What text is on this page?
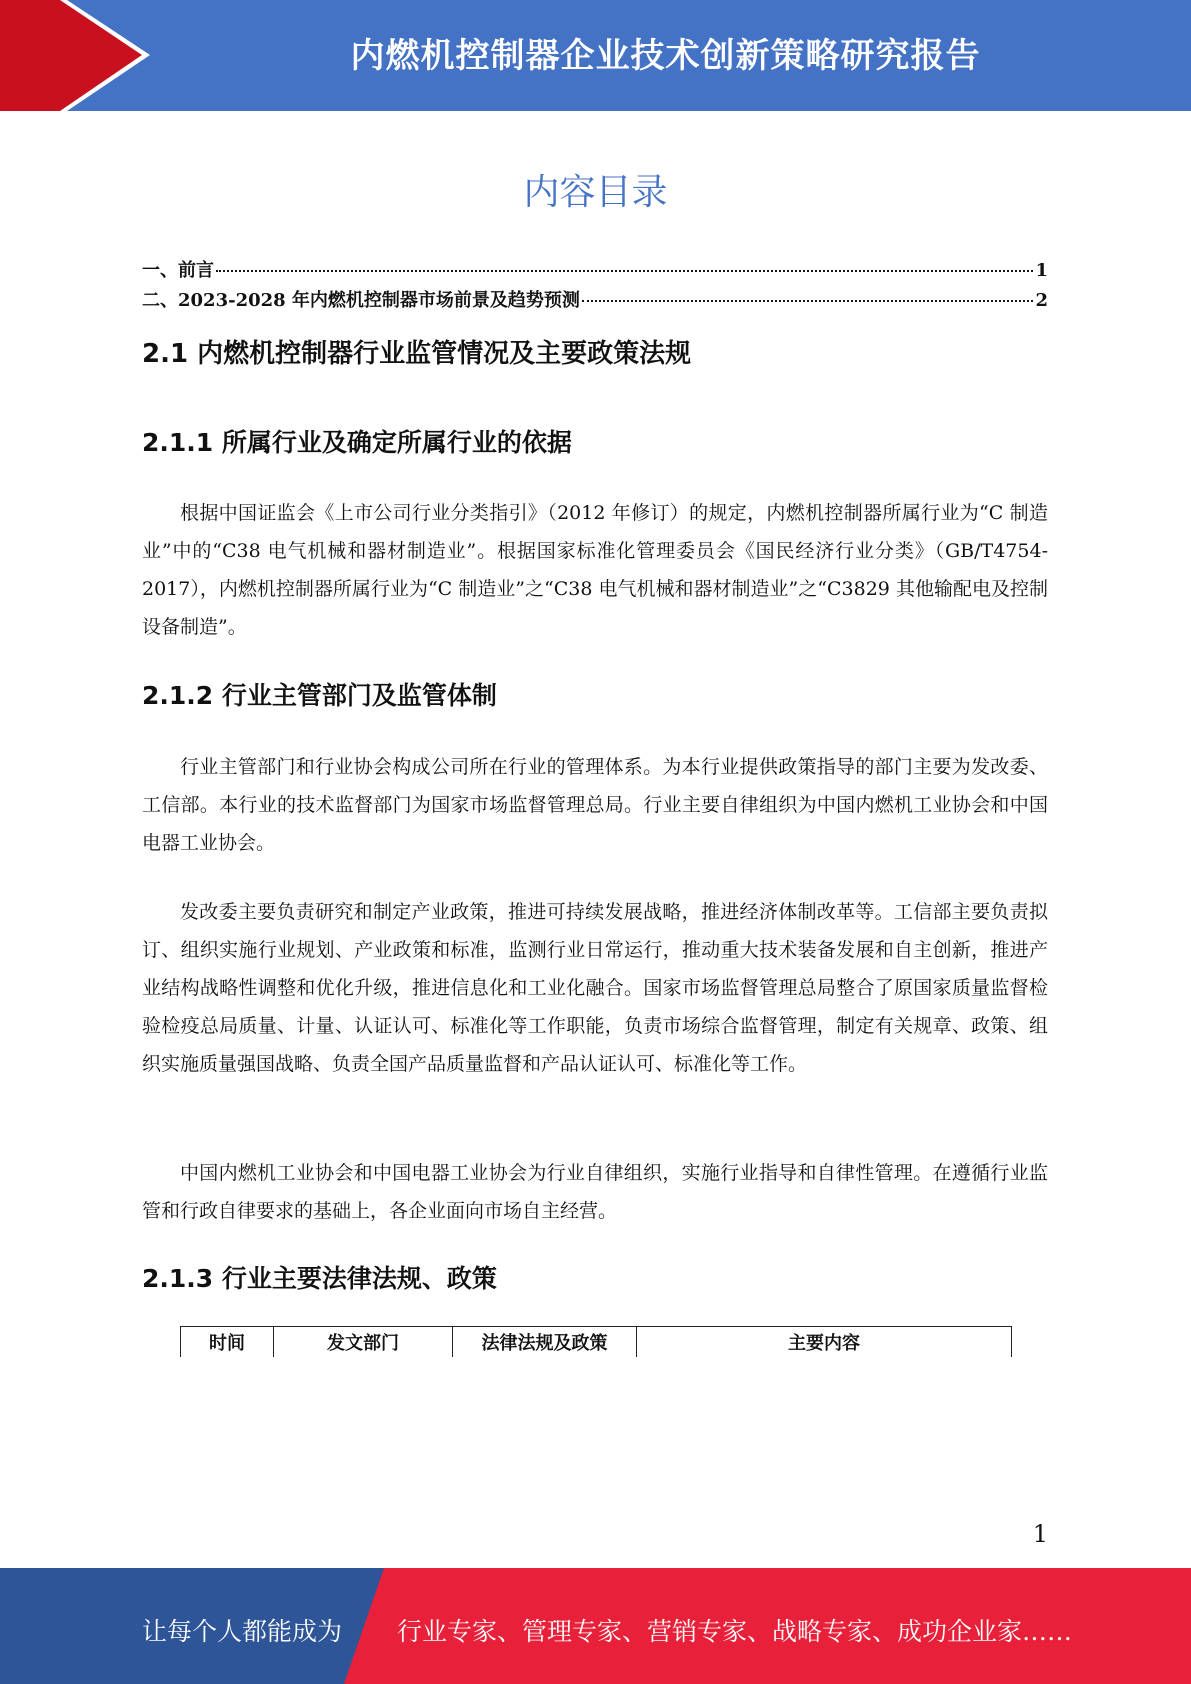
内燃机控制器企业技术创新策略研究报告
内容目录
一、前言	1
二、2023-2028 年内燃机控制器市场前景及趋势预测	2
2.1 内燃机控制器行业监管情况及主要政策法规
2.1.1 所属行业及确定所属行业的依据
根据中国证监会《上市公司行业分类指引》（2012 年修订）的规定，内燃机控制器所属行业为“C 制造业”中的“C38 电气机械和器材制造业”。根据国家标准化管理委员会《国民经济行业分类》（GB/T4754-2017），内燃机控制器所属行业为“C 制造业”之“C38 电气机械和器材制造业”之“C3829 其他输配电及控制设备制造”。
2.1.2 行业主管部门及监管体制
行业主管部门和行业协会构成公司所在行业的管理体系。为本行业提供政策指导的部门主要为发改委、工信部。本行业的技术监督部门为国家市场监督管理总局。行业主要自律组织为中国内燃机工业协会和中国电器工业协会。
发改委主要负责研究和制定产业政策，推进可持续发展战略，推进经济体制改革等。工信部主要负责拟订、组织实施行业规划、产业政策和标准，监测行业日常运行，推动重大技术装备发展和自主创新，推进产业结构战略性调整和优化升级，推进信息化和工业化融合。国家市场监督管理总局整合了原国家质量监督检验检疫总局质量、计量、认证认可、标准化等工作职能，负责市场综合监督管理，制定有关规章、政策、组织实施质量强国战略、负责全国产品质量监督和产品认证认可、标准化等工作。
中国内燃机工业协会和中国电器工业协会为行业自律组织，实施行业指导和自律性管理。在遵循行业监管和行政自律要求的基础上，各企业面向市场自主经营。
2.1.3 行业主要法律法规、政策
时间	发文部门	法律法规及政策	主要内容
1
让每个人都能成为 行业专家、管理专家、营销专家、战略专家、成功企业家……
